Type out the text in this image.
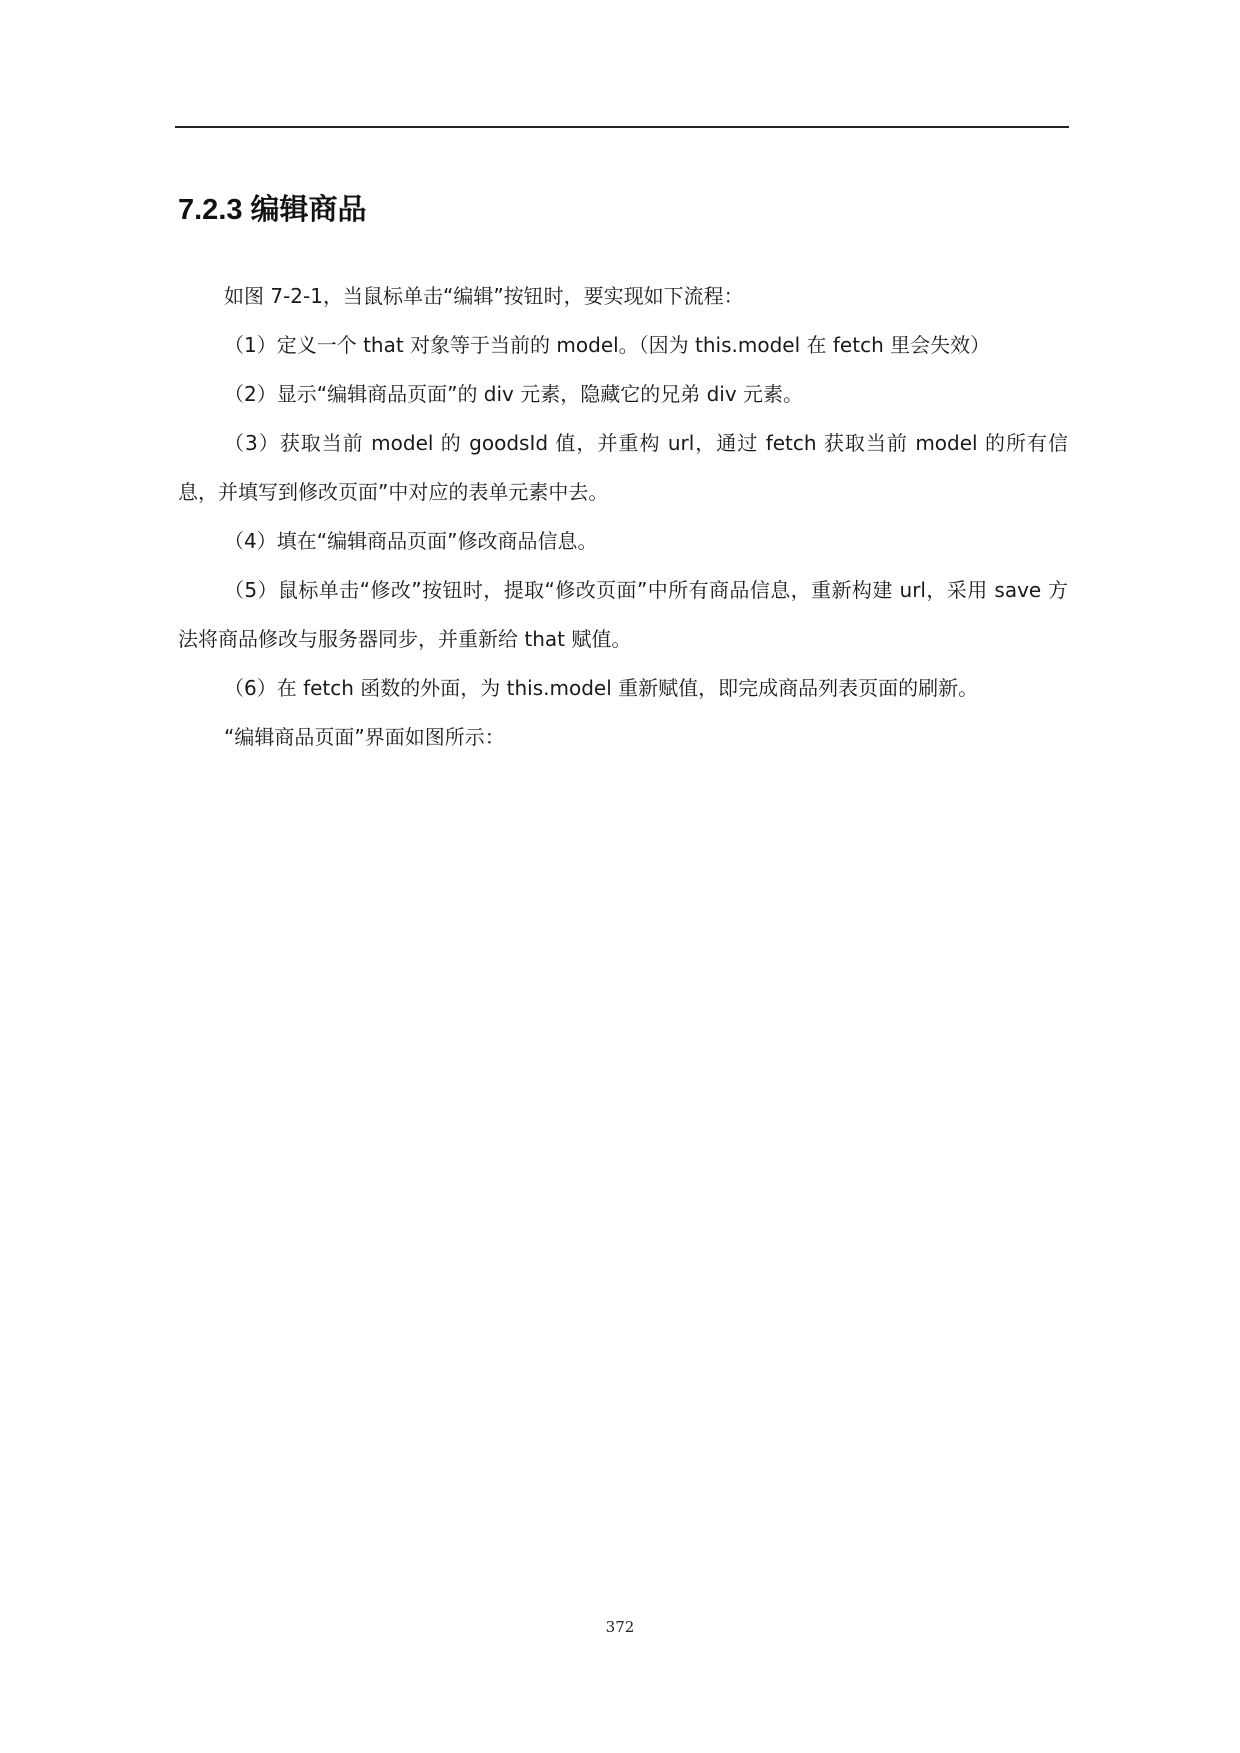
7.2.3 编辑商品

如图 7-2-1，当鼠标单击“编辑”按钮时，要实现如下流程：

（1）定义一个 that 对象等于当前的 model。（因为 this.model 在 fetch 里会失效）

（2）显示“编辑商品页面”的 div 元素，隐藏它的兄弟 div 元素。

（3）获取当前 model 的 goodsId 值，并重构 url，通过 fetch 获取当前 model 的所有信息，并填写到修改页面”中对应的表单元素中去。

（4）填在“编辑商品页面”修改商品信息。

（5）鼠标单击“修改”按钮时，提取“修改页面”中所有商品信息，重新构建 url，采用 save 方法将商品修改与服务器同步，并重新给 that 赋值。

（6）在 fetch 函数的外面，为 this.model 重新赋值，即完成商品列表页面的刷新。

“编辑商品页面”界面如图所示：

372
